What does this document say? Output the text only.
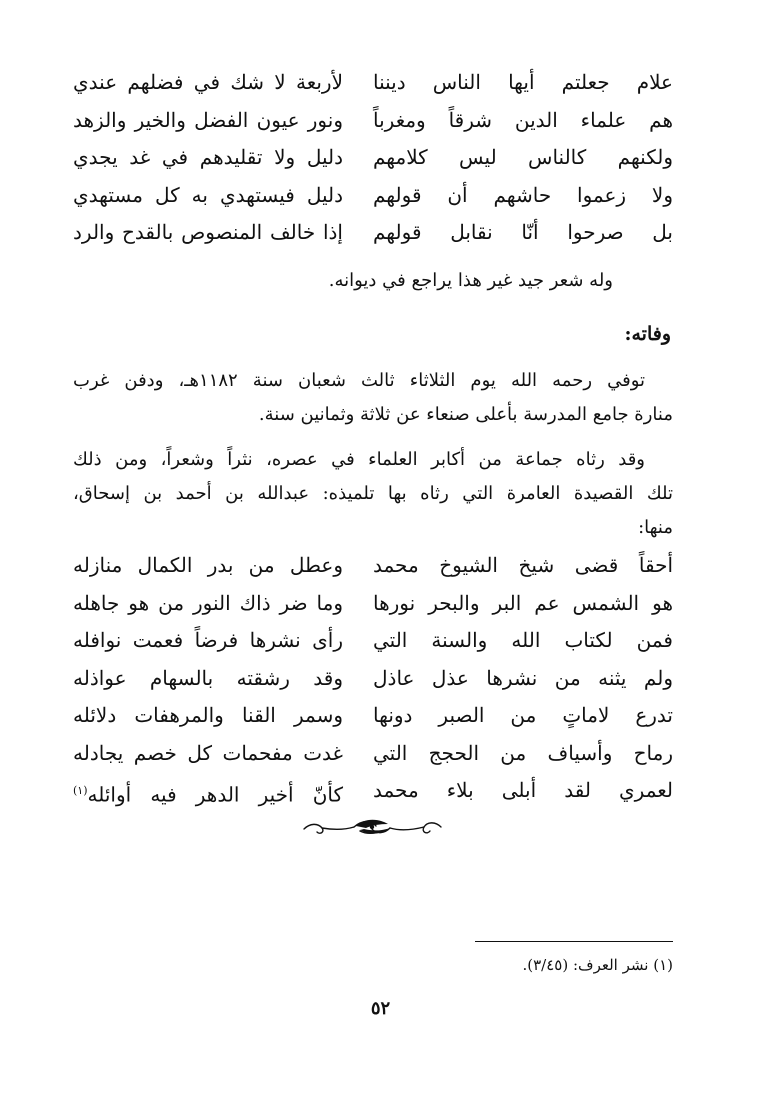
علام جعلتم أيها الناس ديننا
لأربعة لا شك في فضلهم عندي
هم علماء الدين شرقاً ومغرباً
ونور عيون الفضل والخير والزهد
ولكنهم كالناس ليس كلامهم
دليل ولا تقليدهم في غد يجدي
ولا زعموا حاشهم أن قولهم
دليل فيستهدي به كل مستهدي
بل صرحوا أنّا نقابل قولهم
إذا خالف المنصوص بالقدح والرد
وله شعر جيد غير هذا يراجع في ديوانه.
وفاته:
توفي رحمه الله يوم الثلاثاء ثالث شعبان سنة ١١٨٢هـ، ودفن غرب
منارة جامع المدرسة بأعلى صنعاء عن ثلاثة وثمانين سنة.
وقد رثاه جماعة من أكابر العلماء في عصره، نثراً وشعراً، ومن ذلك
تلك القصيدة العامرة التي رثاه بها تلميذه: عبدالله بن أحمد بن إسحاق،
منها:
أحقاً قضى شيخ الشيوخ محمد
وعطل من بدر الكمال منازله
هو الشمس عم البر والبحر نورها
وما ضر ذاك النور من هو جاهله
فمن لكتاب الله والسنة التي
رأى نشرها فرضاً فعمت نوافله
ولم يثنه من نشرها عذل عاذل
وقد رشقته بالسهام عواذله
تدرع لاماتٍ من الصبر دونها
وسمر القنا والمرهفات دلائله
رماح وأسياف من الحجج التي
غدت مفحمات كل خصم يجادله
لعمري لقد أبلى بلاء محمد
كأنّ أخير الدهر فيه أوائله$^{(١)}$
(١) نشر العرف: (٣/٤٥).
٥٢
